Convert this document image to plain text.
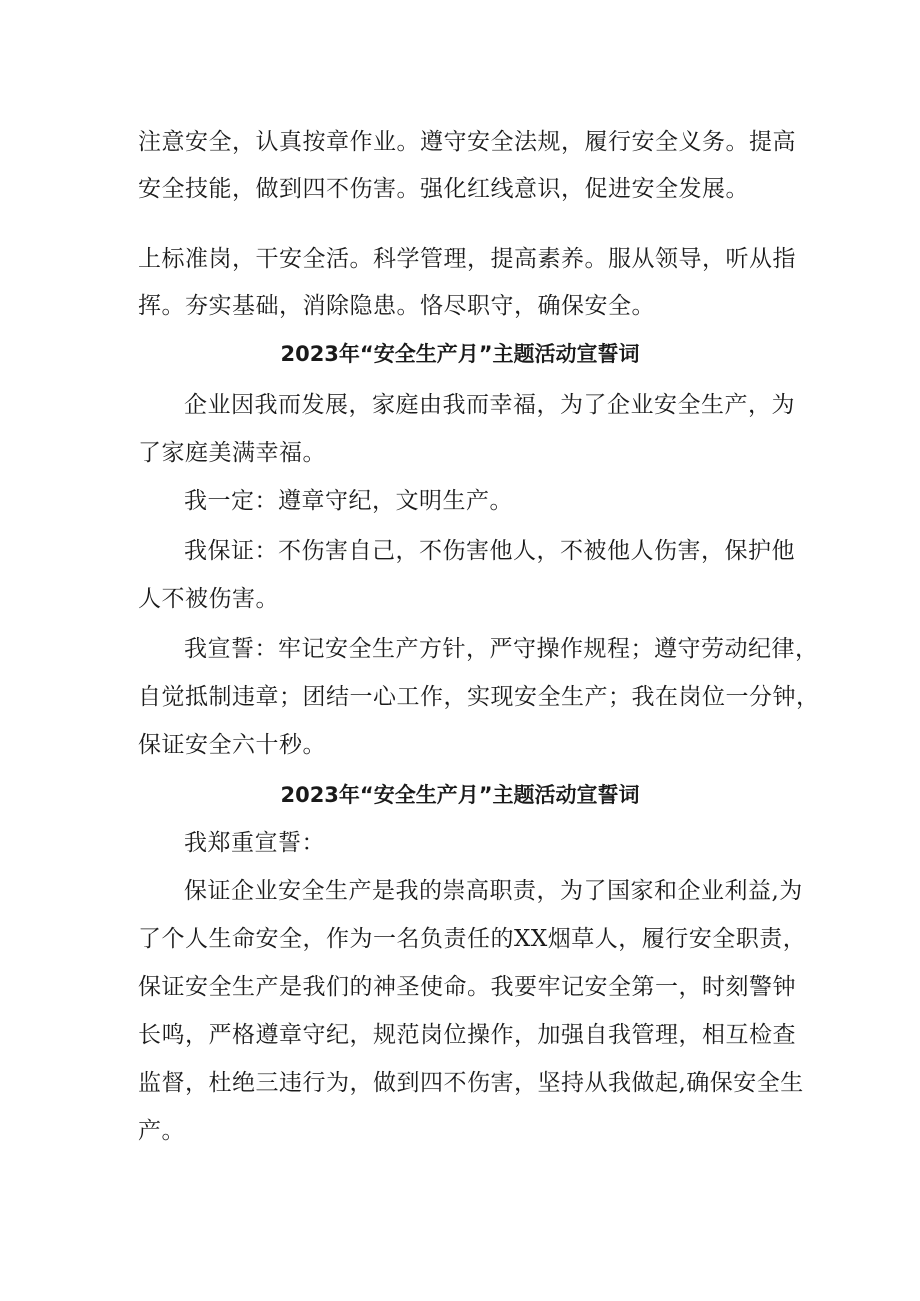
注意安全，认真按章作业。遵守安全法规，履行安全义务。提高
安全技能，做到四不伤害。强化红线意识，促进安全发展。
上标准岗，干安全活。科学管理，提高素养。服从领导，听从指
挥。夯实基础，消除隐患。恪尽职守，确保安全。
2023年“安全生产月”主题活动宣誓词
企业因我而发展，家庭由我而幸福，为了企业安全生产，为
了家庭美满幸福。
我一定：遵章守纪，文明生产。
我保证：不伤害自己，不伤害他人，不被他人伤害，保护他
人不被伤害。
我宣誓：牢记安全生产方针，严守操作规程；遵守劳动纪律，
自觉抵制违章；团结一心工作，实现安全生产；我在岗位一分钟，
保证安全六十秒。
2023年“安全生产月”主题活动宣誓词
我郑重宣誓：
保证企业安全生产是我的崇高职责，为了国家和企业利益,为
了个人生命安全，作为一名负责任的XX烟草人，履行安全职责，
保证安全生产是我们的神圣使命。我要牢记安全第一，时刻警钟
长鸣，严格遵章守纪，规范岗位操作，加强自我管理，相互检查
监督，杜绝三违行为，做到四不伤害，坚持从我做起,确保安全生
产。
